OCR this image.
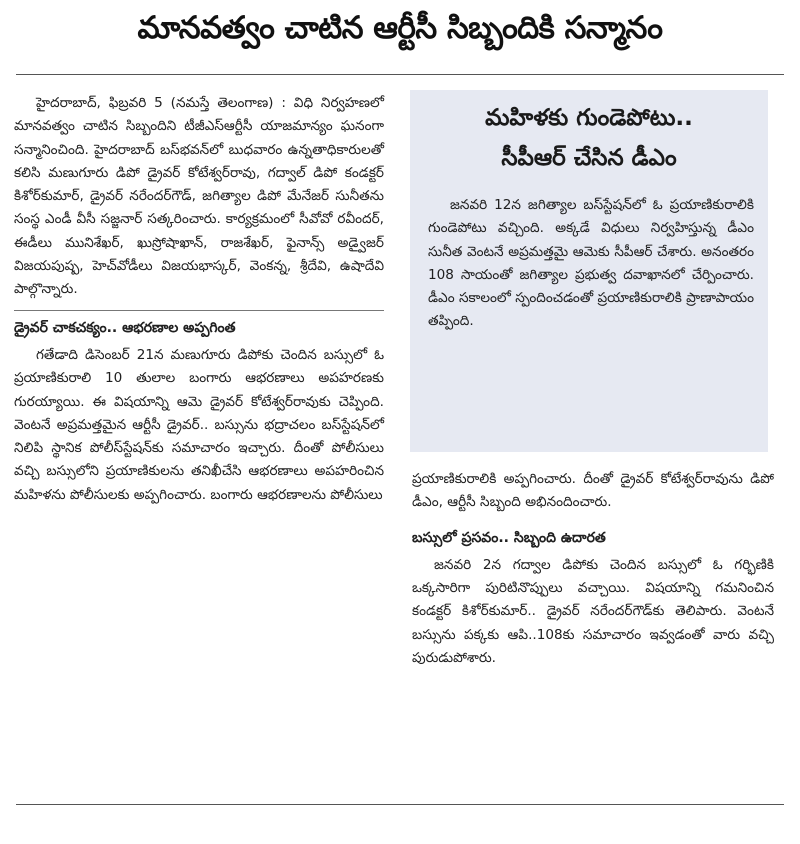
మానవత్వం చాటిన ఆర్టీసీ సిబ్బందికి సన్మానం

హైదరాబాద్, ఫిబ్రవరి 5 (నమస్తే తెలంగాణ) : విధి నిర్వహణలో మానవత్వం చాటిన సిబ్బందిని టీజీఎస్ఆర్టీసీ యాజమాన్యం ఘనంగా సన్మానించింది. హైదరాబాద్ బస్‌భవన్‌లో బుధవారం ఉన్నతాధికారులతో కలిసి మణుగూరు డిపో డ్రైవర్ కోటేశ్వర్‌రావు, గద్వాల్ డిపో కండక్టర్ కిశోర్‌కుమార్, డ్రైవర్ నరేందర్‌గౌడ్, జగిత్యాల డిపో మేనేజర్ సునీతను సంస్థ ఎండీ వీసీ సజ్జనార్ సత్కరించారు. కార్యక్రమంలో సీవోవో రవీందర్, ఈడీలు మునిశేఖర్, ఖుస్రోషాఖాన్, రాజశేఖర్, ఫైనాన్స్ అడ్వైజర్ విజయపుష్ప, హెచ్‌వోడీలు విజయభాస్కర్, వెంకన్న, శ్రీదేవి, ఉషాదేవి పాల్గొన్నారు.

డ్రైవర్ చాకచక్యం.. ఆభరణాల అప్పగింత

గతేడాది డిసెంబర్ 21న మణుగూరు డిపోకు చెందిన బస్సులో ఓ ప్రయాణికురాలి 10 తులాల బంగారు ఆభరణాలు అపహరణకు గురయ్యాయి. ఈ విషయాన్ని ఆమె డ్రైవర్ కోటేశ్వర్‌రావుకు చెప్పింది. వెంటనే అప్రమత్తమైన ఆర్టీసీ డ్రైవర్.. బస్సును భద్రాచలం బస్‌స్టేషన్‌లో నిలిపి స్థానిక పోలీస్‌స్టేషన్‌కు సమాచారం ఇచ్చారు. దీంతో పోలీసులు వచ్చి బస్సులోని ప్రయాణికులను తనిఖీచేసి ఆభరణాలు అపహరించిన మహిళను పోలీసులకు అప్పగించారు. బంగారు ఆభరణాలను పోలీసులు

మహిళకు గుండెపోటు..
సీపీఆర్ చేసిన డీఎం

జనవరి 12న జగిత్యాల బస్‌స్టేషన్‌లో ఓ ప్రయాణికురాలికి గుండెపోటు వచ్చింది. అక్కడే విధులు నిర్వహిస్తున్న డీఎం సునీత వెంటనే అప్రమత్తమై ఆమెకు సీపీఆర్ చేశారు. అనంతరం 108 సాయంతో జగిత్యాల ప్రభుత్వ దవాఖానలో చేర్పించారు. డీఎం సకాలంలో స్పందించడంతో ప్రయాణికురాలికి ప్రాణాపాయం తప్పింది.

ప్రయాణికురాలికి అప్పగించారు. దీంతో డ్రైవర్ కోటేశ్వర్‌రావును డిపో డీఎం, ఆర్టీసీ సిబ్బంది అభినందించారు.

బస్సులో ప్రసవం.. సిబ్బంది ఉదారత

జనవరి 2న గద్వాల డిపోకు చెందిన బస్సులో ఓ గర్భిణికి ఒక్కసారిగా పురిటినొప్పులు వచ్చాయి. విషయాన్ని గమనించిన కండక్టర్ కిశోర్‌కుమార్.. డ్రైవర్ నరేందర్‌గౌడ్‌కు తెలిపారు. వెంటనే బస్సును పక్కకు ఆపి..108కు సమాచారం ఇవ్వడంతో వారు వచ్చి పురుడుపోశారు.
